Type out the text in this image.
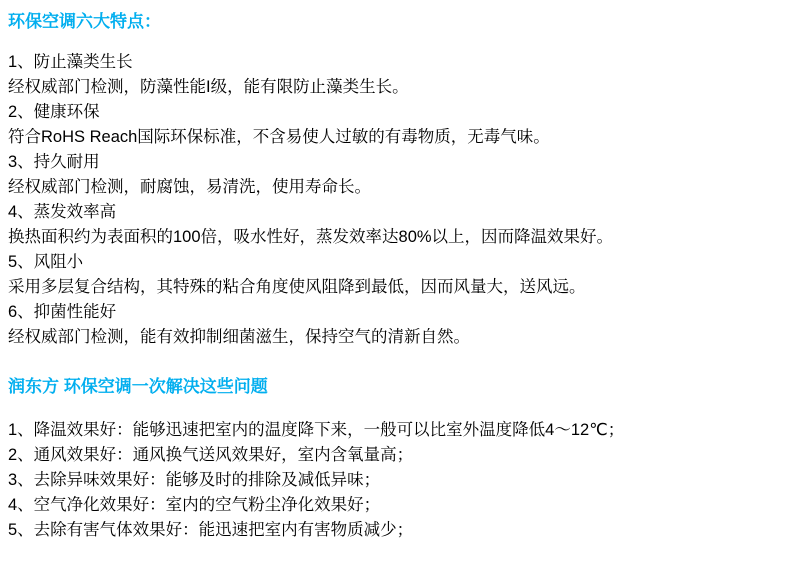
环保空调六大特点：
1、防止藻类生长
经权威部门检测，防藻性能I级，能有限防止藻类生长。
2、健康环保
符合RoHS Reach国际环保标准，不含易使人过敏的有毒物质，无毒气味。
3、持久耐用
经权威部门检测，耐腐蚀，易清洗，使用寿命长。
4、蒸发效率高
换热面积约为表面积的100倍，吸水性好，蒸发效率达80%以上，因而降温效果好。
5、风阻小
采用多层复合结构，其特殊的粘合角度使风阻降到最低，因而风量大，送风远。
6、抑菌性能好
经权威部门检测，能有效抑制细菌滋生，保持空气的清新自然。
润东方 环保空调一次解决这些问题
1、降温效果好：能够迅速把室内的温度降下来，一般可以比室外温度降低4～12℃；
2、通风效果好：通风换气送风效果好，室内含氧量高；
3、去除异味效果好：能够及时的排除及减低异味；
4、空气净化效果好：室内的空气粉尘净化效果好；
5、去除有害气体效果好：能迅速把室内有害物质减少；
